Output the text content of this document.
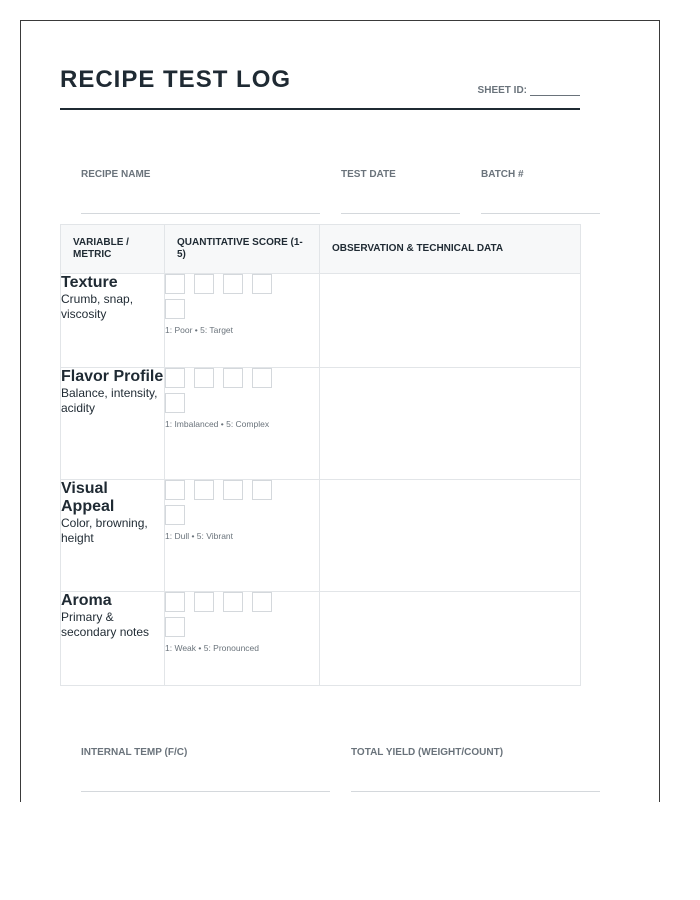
RECIPE TEST LOG	SHEET ID:
RECIPE NAME	TEST DATE	BATCH #
VARIABLE / METRIC	QUANTITATIVE SCORE (1-5)	OBSERVATION & TECHNICAL DATA

Texture
Crumb, snap, viscosity	1: Poor • 5: Target	

Flavor Profile
Balance, intensity, acidity	1: Imbalanced • 5: Complex	

Visual Appeal
Color, browning, height	1: Dull • 5: Vibrant	

Aroma
Primary & secondary notes	1: Weak • 5: Pronounced	

INTERNAL TEMP (F/C)	TOTAL YIELD (WEIGHT/COUNT)
